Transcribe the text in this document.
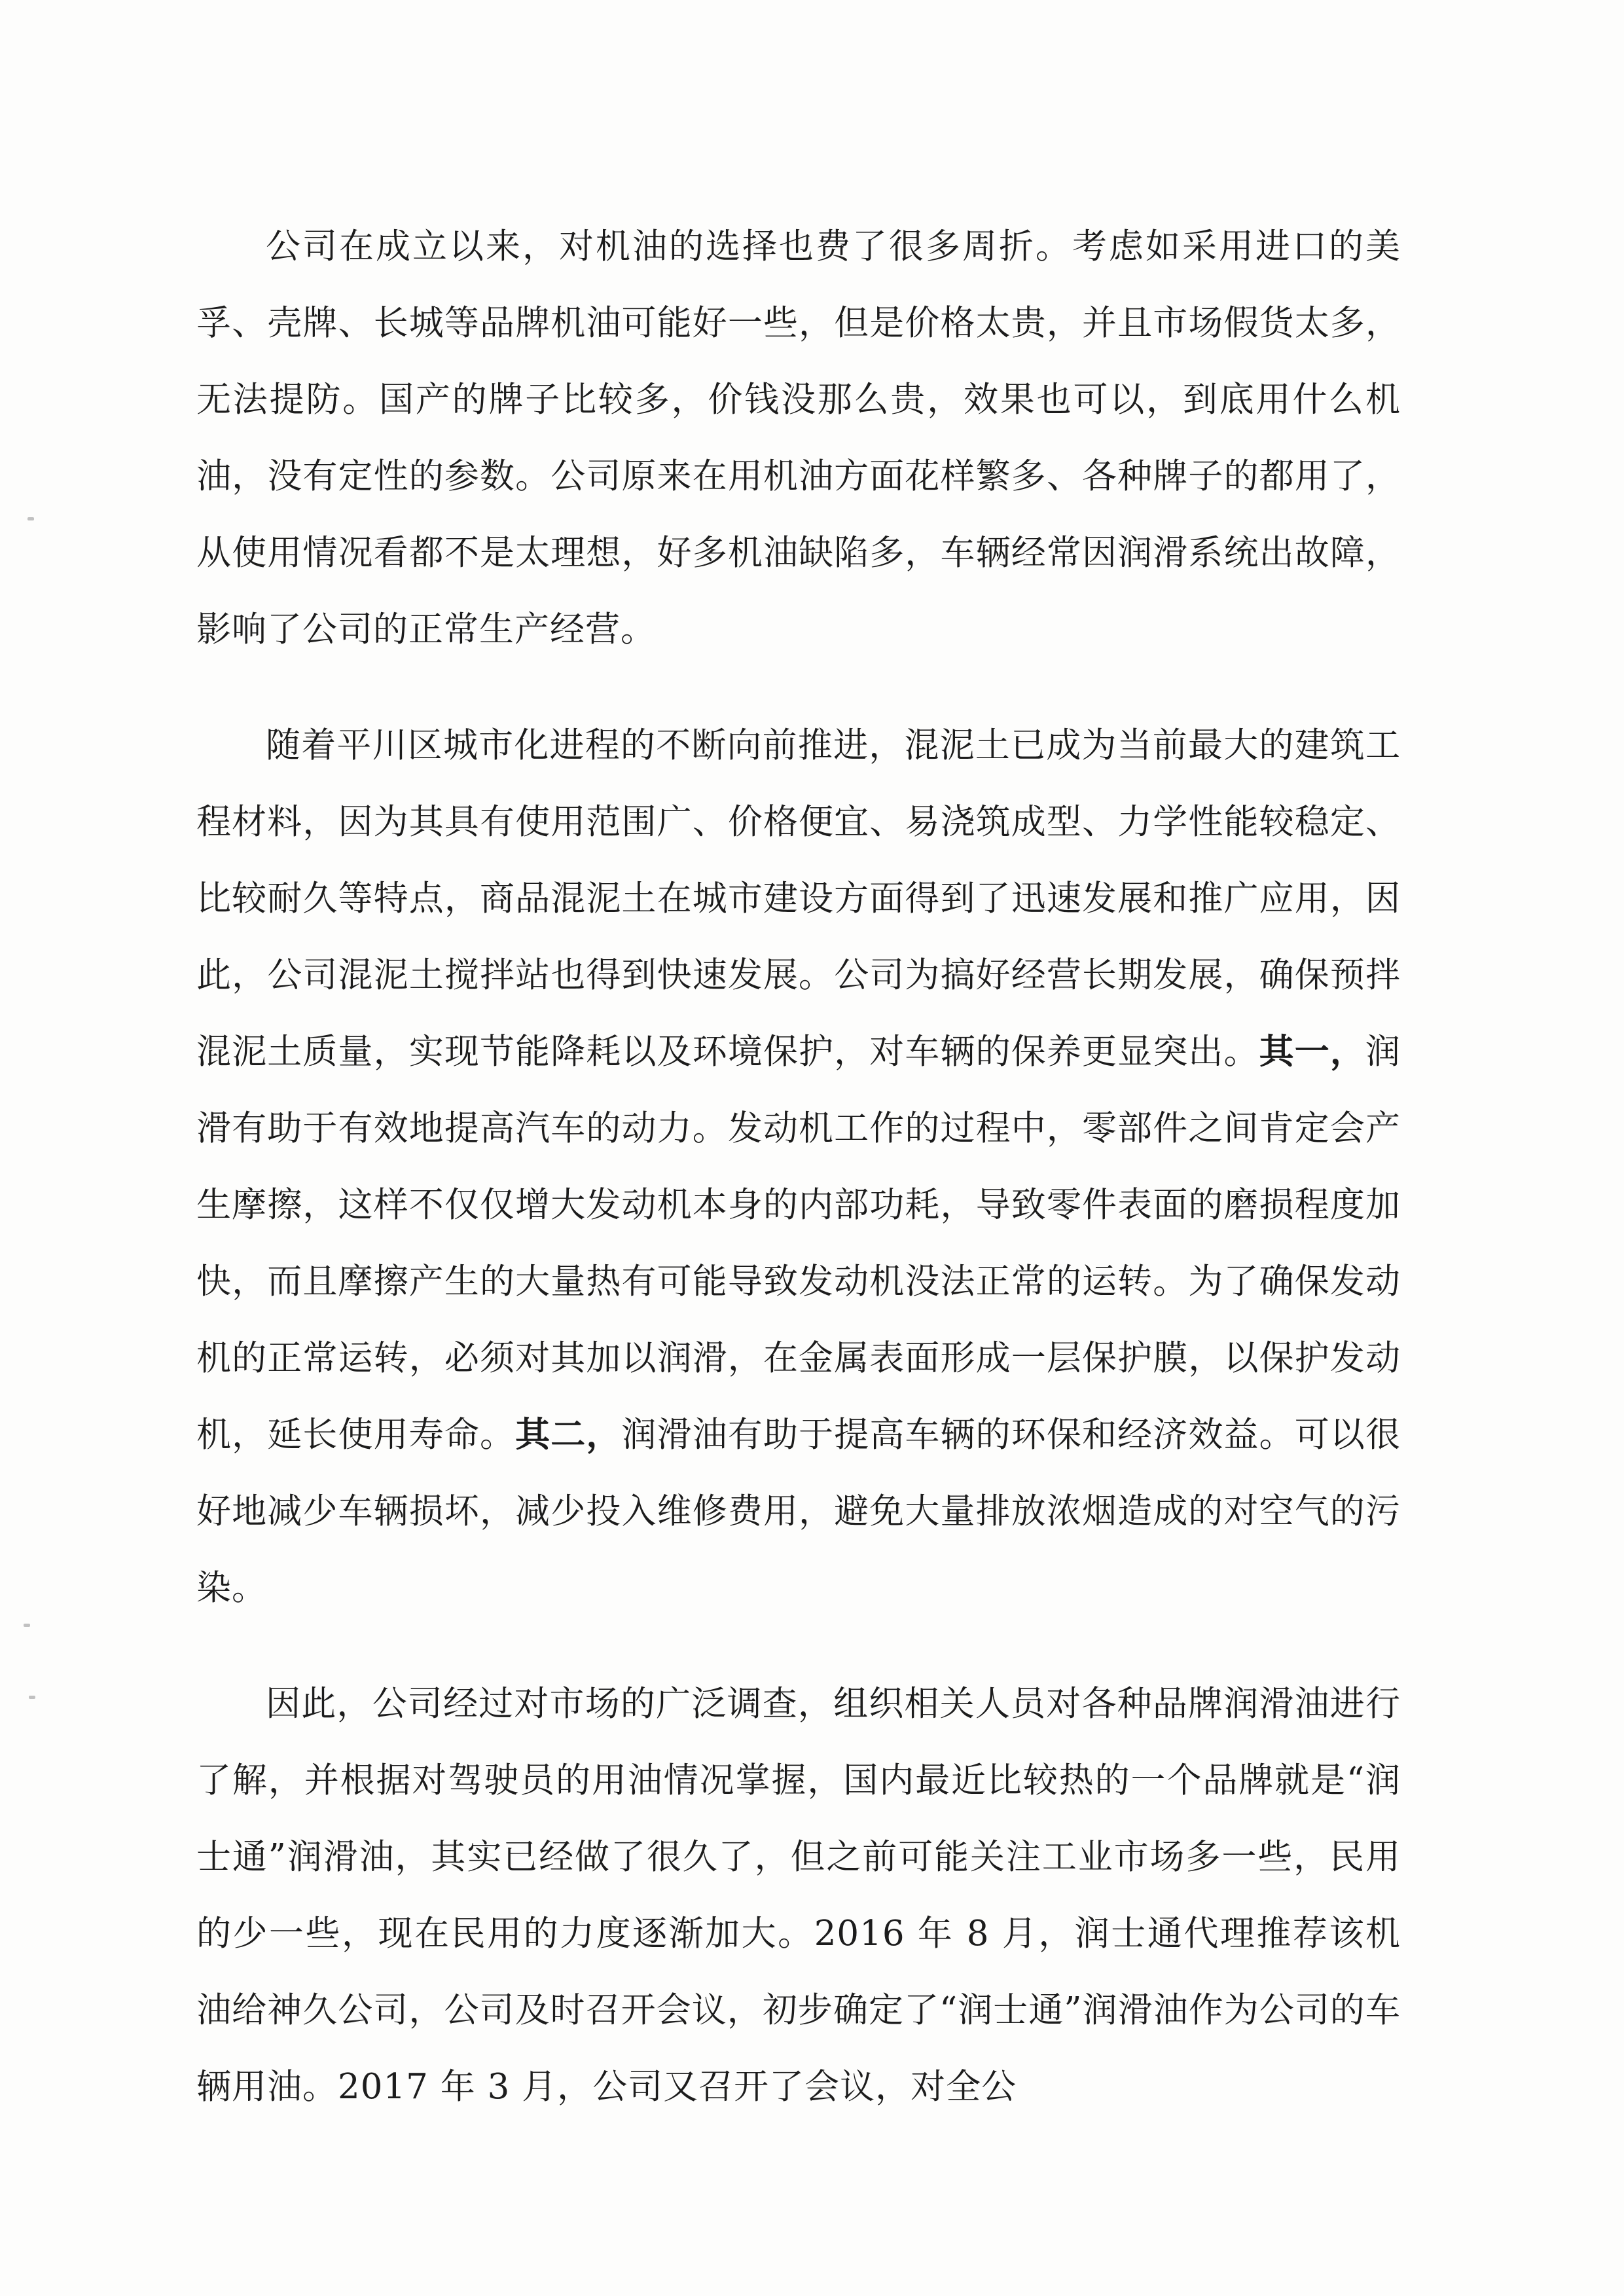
公司在成立以来，对机油的选择也费了很多周折。考虑如采用进口的美孚、壳牌、长城等品牌机油可能好一些，但是价格太贵，并且市场假货太多，无法提防。国产的牌子比较多，价钱没那么贵，效果也可以，到底用什么机油，没有定性的参数。公司原来在用机油方面花样繁多、各种牌子的都用了，从使用情况看都不是太理想，好多机油缺陷多，车辆经常因润滑系统出故障，影响了公司的正常生产经营。

随着平川区城市化进程的不断向前推进，混泥土已成为当前最大的建筑工程材料，因为其具有使用范围广、价格便宜、易浇筑成型、力学性能较稳定、比较耐久等特点，商品混泥土在城市建设方面得到了迅速发展和推广应用，因此，公司混泥土搅拌站也得到快速发展。公司为搞好经营长期发展，确保预拌混泥土质量，实现节能降耗以及环境保护，对车辆的保养更显突出。其一，润滑有助于有效地提高汽车的动力。发动机工作的过程中，零部件之间肯定会产生摩擦，这样不仅仅增大发动机本身的内部功耗，导致零件表面的磨损程度加快，而且摩擦产生的大量热有可能导致发动机没法正常的运转。为了确保发动机的正常运转，必须对其加以润滑，在金属表面形成一层保护膜，以保护发动机，延长使用寿命。其二，润滑油有助于提高车辆的环保和经济效益。可以很好地减少车辆损坏，减少投入维修费用，避免大量排放浓烟造成的对空气的污染。

因此，公司经过对市场的广泛调查，组织相关人员对各种品牌润滑油进行了解，并根据对驾驶员的用油情况掌握，国内最近比较热的一个品牌就是“润士通”润滑油，其实已经做了很久了，但之前可能关注工业市场多一些，民用的少一些，现在民用的力度逐渐加大。2016 年 8 月，润士通代理推荐该机油给神久公司，公司及时召开会议，初步确定了“润士通”润滑油作为公司的车辆用油。2017 年 3 月，公司又召开了会议，对全公
